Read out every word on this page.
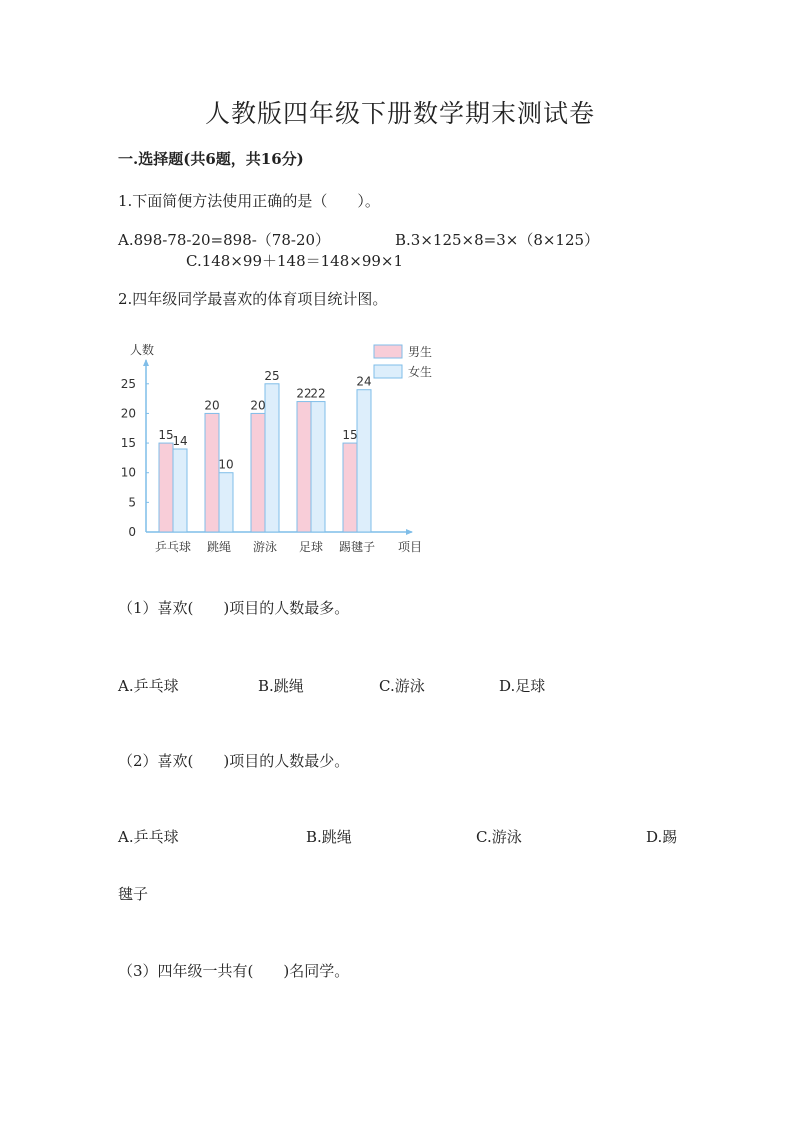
人教版四年级下册数学期末测试卷
一.选择题(共6题，共16分)
1.下面简便方法使用正确的是（　　）。
A.898-78-20=898-（78-20）	B.3×125×8=3×（8×125）
C.148×99＋148＝148×99×1
2.四年级同学最喜欢的体育项目统计图。
0
5
10
15
20
25
人数
项目
15
14
乒乓球
20
10
跳绳
20
25
游泳
22
22
足球
15
24
踢毽子
男生
女生
（1）喜欢(　　)项目的人数最多。
A.乒乓球	B.跳绳	C.游泳	D.足球
（2）喜欢(　　)项目的人数最少。
A.乒乓球	B.跳绳	C.游泳	D.踢
毽子
（3）四年级一共有(　　)名同学。
